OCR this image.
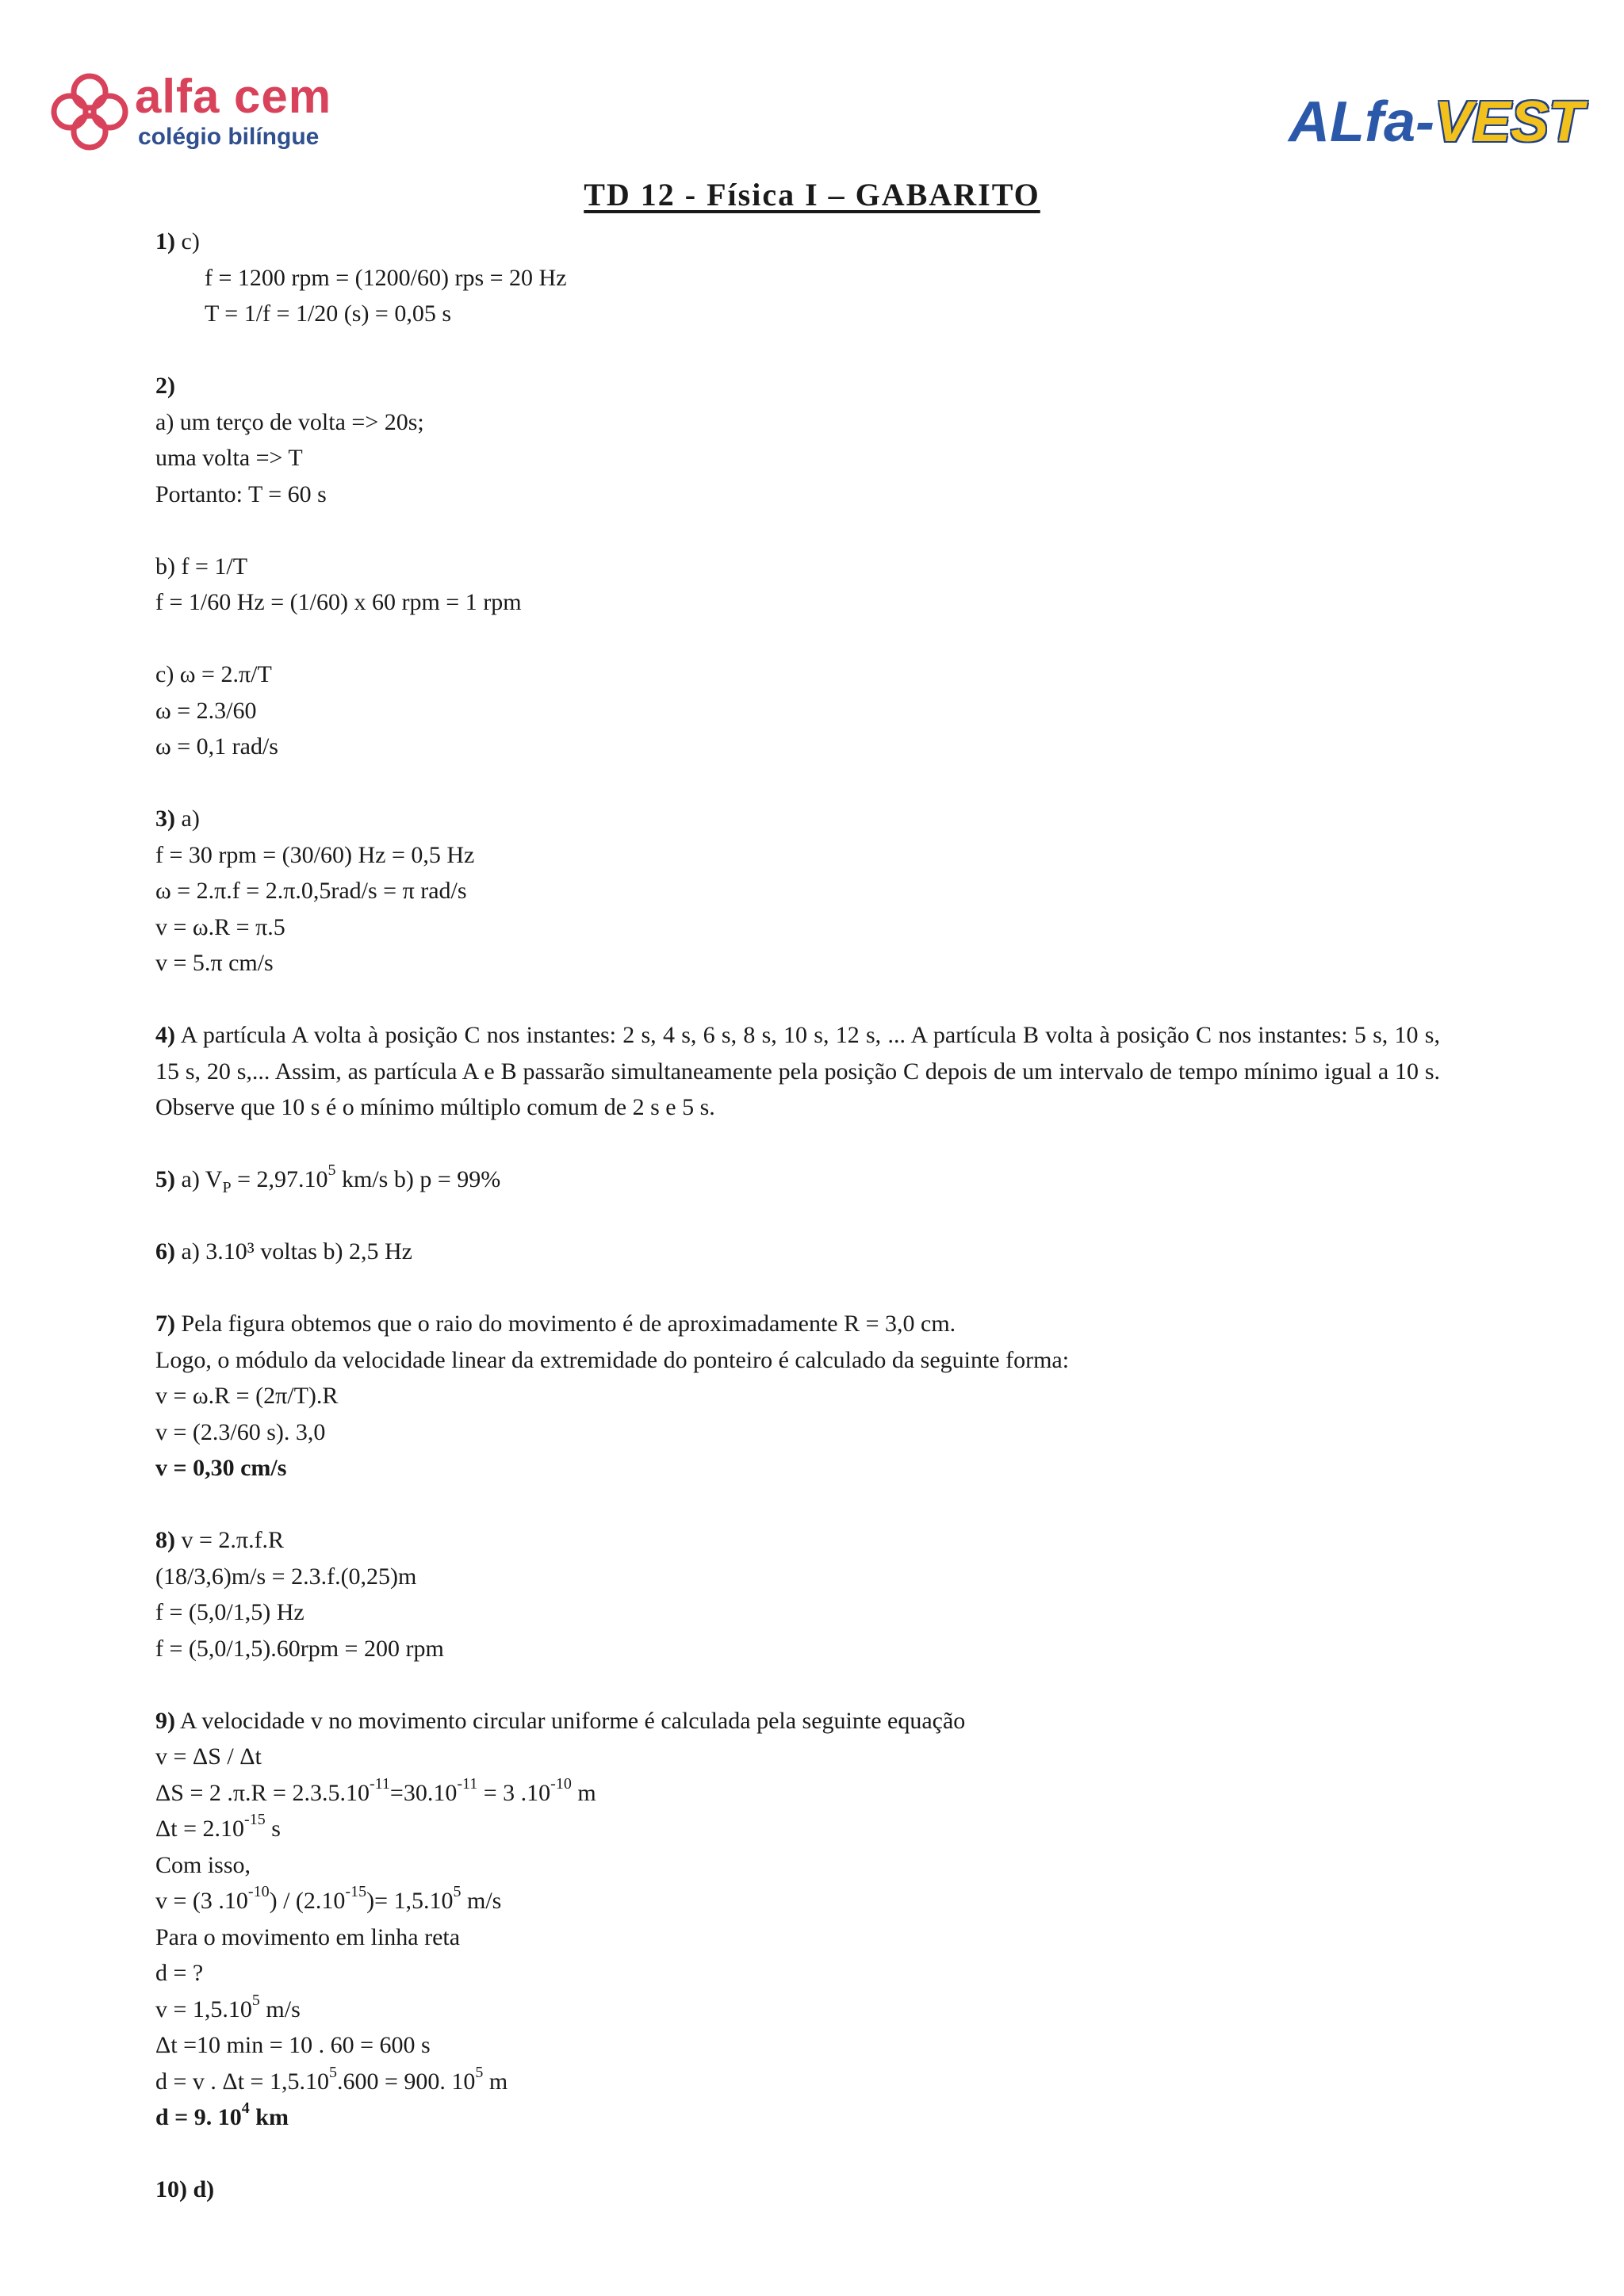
alfa cem
colégio bilíngue	ALfa-VEST
TD 12 - Física I – GABARITO
1) c)
f = 1200 rpm = (1200/60) rps = 20 Hz
T = 1/f = 1/20 (s) = 0,05 s
2)
a) um terço de volta => 20s;
uma volta => T
Portanto: T = 60 s
b) f = 1/T
f = 1/60 Hz = (1/60) x 60 rpm = 1 rpm
c) ω = 2.π/T
ω = 2.3/60
ω = 0,1 rad/s
3) a)
f = 30 rpm = (30/60) Hz = 0,5 Hz
ω = 2.π.f = 2.π.0,5rad/s = π rad/s
v = ω.R = π.5
v = 5.π cm/s
4) A partícula A volta à posição C nos instantes: 2 s, 4 s, 6 s, 8 s, 10 s, 12 s, ... A partícula B volta à posição C nos instantes: 5 s, 10 s, 15 s, 20 s,... Assim, as partícula A e B passarão simultaneamente pela posição C depois de um intervalo de tempo mínimo igual a 10 s. Observe que 10 s é o mínimo múltiplo comum de 2 s e 5 s.
5) a) $V_P = 2,97.10^5$ km/s b) p = 99%
6) a) 3.10³ voltas b) 2,5 Hz
7) Pela figura obtemos que o raio do movimento é de aproximadamente R = 3,0 cm.
Logo, o módulo da velocidade linear da extremidade do ponteiro é calculado da seguinte forma:
v = ω.R = (2π/T).R
v = (2.3/60 s). 3,0
v = 0,30 cm/s
8) v = 2.π.f.R
(18/3,6)m/s = 2.3.f.(0,25)m
f = (5,0/1,5) Hz
f = (5,0/1,5).60rpm = 200 rpm
9) A velocidade v no movimento circular uniforme é calculada pela seguinte equação
v = ΔS / Δt
ΔS = 2 $.\pi.R = 2.3.5.10^{-11}=30.10^{-11} = 3$ $.10^{-10}$ m
$\Delta t = 2.10^{-15}$ s
Com isso,
v = (3 $.10^{-10}) / (2.10^{-15})= 1,5.10^5$ m/s
Para o movimento em linha reta
d = ?
$v = 1,5.10^5$ m/s
Δt =10 min = 10 . 60 = 600 s
d = v . $\Delta t = 1,5.10^5.600 = 900$. $10^5$ m
d = 9. $10^4$ km
10) d)
